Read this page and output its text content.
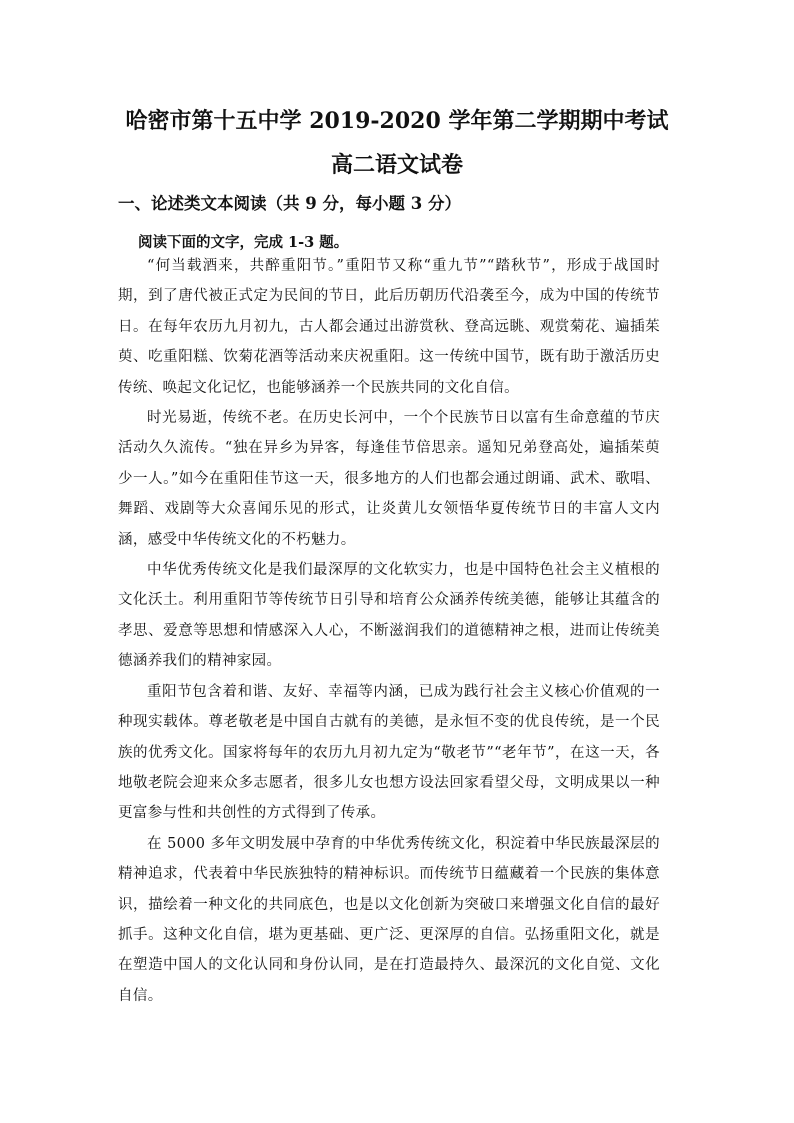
哈密市第十五中学 2019-2020 学年第二学期期中考试
高二语文试卷
一、论述类文本阅读（共 9 分，每小题 3 分）
阅读下面的文字，完成 1-3 题。

“何当载酒来，共醉重阳节。”重阳节又称“重九节”“踏秋节”，形成于战国时期，到了唐代被正式定为民间的节日，此后历朝历代沿袭至今，成为中国的传统节日。在每年农历九月初九，古人都会通过出游赏秋、登高远眺、观赏菊花、遍插茱萸、吃重阳糕、饮菊花酒等活动来庆祝重阳。这一传统中国节，既有助于激活历史传统、唤起文化记忆，也能够涵养一个民族共同的文化自信。

时光易逝，传统不老。在历史长河中，一个个民族节日以富有生命意蕴的节庆活动久久流传。“独在异乡为异客，每逢佳节倍思亲。遥知兄弟登高处，遍插茱萸少一人。”如今在重阳佳节这一天，很多地方的人们也都会通过朗诵、武术、歌唱、舞蹈、戏剧等大众喜闻乐见的形式，让炎黄儿女领悟华夏传统节日的丰富人文内涵，感受中华传统文化的不朽魅力。

中华优秀传统文化是我们最深厚的文化软实力，也是中国特色社会主义植根的文化沃土。利用重阳节等传统节日引导和培育公众涵养传统美德，能够让其蕴含的孝思、爱意等思想和情感深入人心，不断滋润我们的道德精神之根，进而让传统美德涵养我们的精神家园。

重阳节包含着和谐、友好、幸福等内涵，已成为践行社会主义核心价值观的一种现实载体。尊老敬老是中国自古就有的美德，是永恒不变的优良传统，是一个民族的优秀文化。国家将每年的农历九月初九定为“敬老节”“老年节”，在这一天，各地敬老院会迎来众多志愿者，很多儿女也想方设法回家看望父母，文明成果以一种更富参与性和共创性的方式得到了传承。

在 5000 多年文明发展中孕育的中华优秀传统文化，积淀着中华民族最深层的精神追求，代表着中华民族独特的精神标识。而传统节日蕴藏着一个民族的集体意识，描绘着一种文化的共同底色，也是以文化创新为突破口来增强文化自信的最好抓手。这种文化自信，堪为更基础、更广泛、更深厚的自信。弘扬重阳文化，就是在塑造中国人的文化认同和身份认同，是在打造最持久、最深沉的文化自觉、文化自信。
